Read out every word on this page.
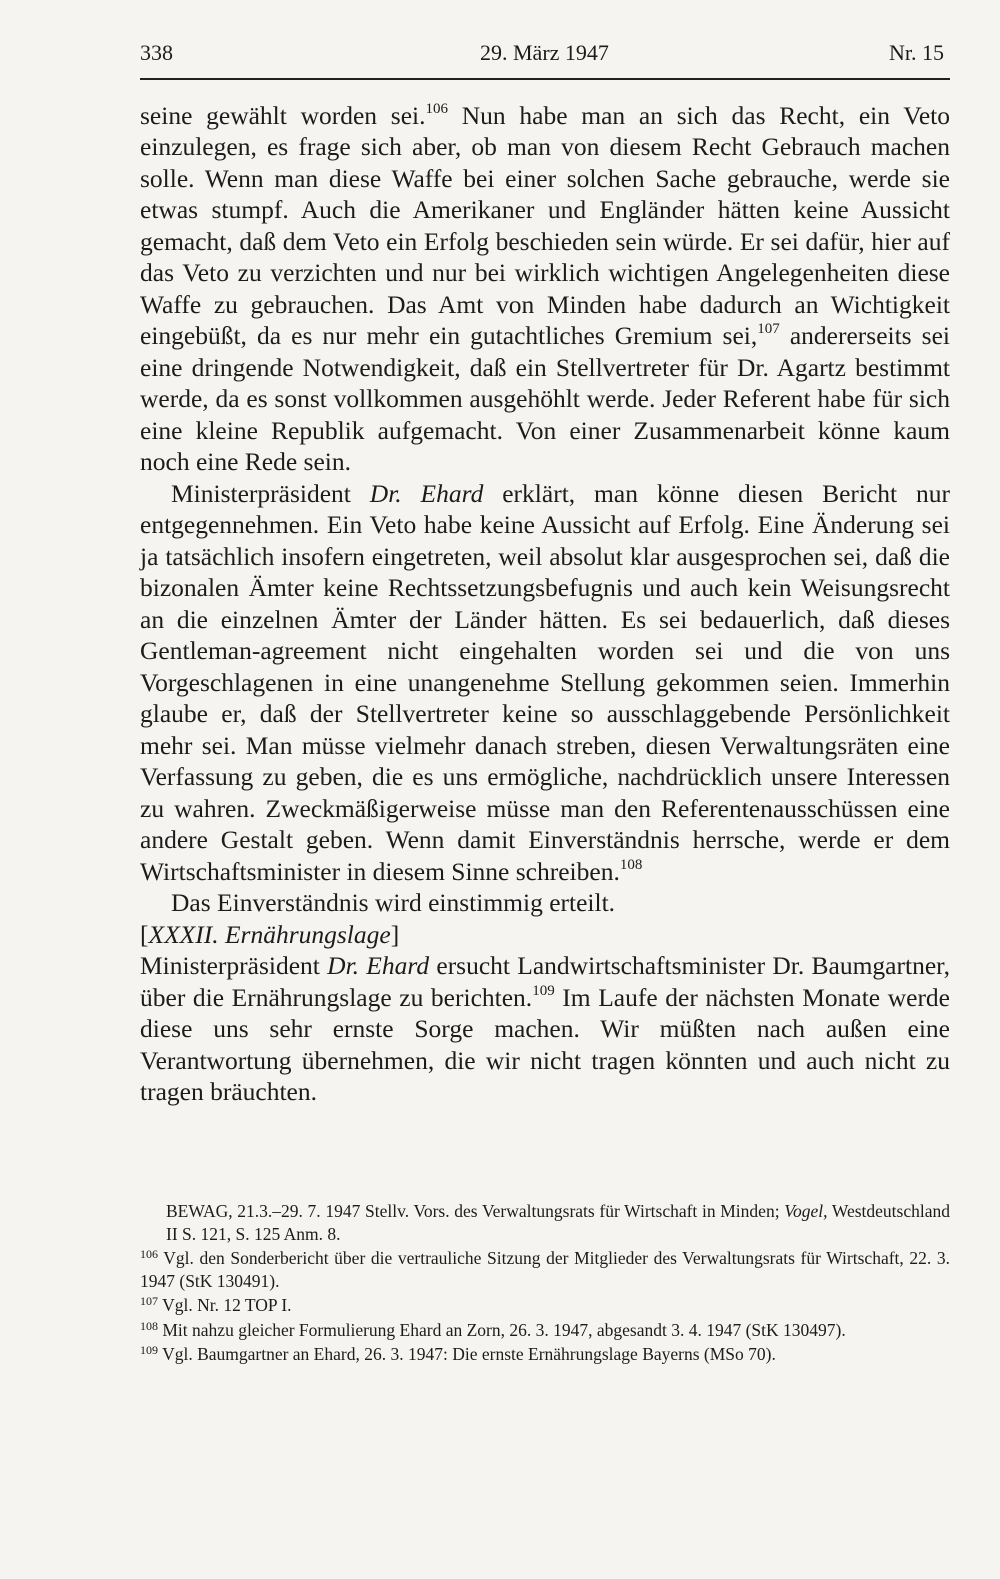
338	29. März 1947	Nr. 15

seine gewählt worden sei.$^{106}$ Nun habe man an sich das Recht, ein Veto einzulegen, es frage sich aber, ob man von diesem Recht Gebrauch machen solle. Wenn man diese Waffe bei einer solchen Sache gebrauche, werde sie etwas stumpf. Auch die Amerikaner und Engländer hätten keine Aussicht gemacht, daß dem Veto ein Erfolg beschieden sein würde. Er sei dafür, hier auf das Veto zu verzichten und nur bei wirklich wichtigen Angelegenheiten diese Waffe zu gebrauchen. Das Amt von Minden habe dadurch an Wichtigkeit eingebüßt, da es nur mehr ein gutachtliches Gremium sei,$^{107}$ andererseits sei eine dringende Notwendigkeit, daß ein Stellvertreter für Dr. Agartz bestimmt werde, da es sonst vollkommen ausgehöhlt werde. Jeder Referent habe für sich eine kleine Republik aufgemacht. Von einer Zusammenarbeit könne kaum noch eine Rede sein.

Ministerpräsident Dr. Ehard erklärt, man könne diesen Bericht nur entgegennehmen. Ein Veto habe keine Aussicht auf Erfolg. Eine Änderung sei ja tatsächlich insofern eingetreten, weil absolut klar ausgesprochen sei, daß die bizonalen Ämter keine Rechtssetzungsbefugnis und auch kein Weisungsrecht an die einzelnen Ämter der Länder hätten. Es sei bedauerlich, daß dieses Gentleman-agreement nicht eingehalten worden sei und die von uns Vorgeschlagenen in eine unangenehme Stellung gekommen seien. Immerhin glaube er, daß der Stellvertreter keine so ausschlaggebende Persönlichkeit mehr sei. Man müsse vielmehr danach streben, diesen Verwaltungsräten eine Verfassung zu geben, die es uns ermögliche, nachdrücklich unsere Interessen zu wahren. Zweckmäßigerweise müsse man den Referentenausschüssen eine andere Gestalt geben. Wenn damit Einverständnis herrsche, werde er dem Wirtschaftsminister in diesem Sinne schreiben.$^{108}$

Das Einverständnis wird einstimmig erteilt.

[XXXII. Ernährungslage]

Ministerpräsident Dr. Ehard ersucht Landwirtschaftsminister Dr. Baumgartner, über die Ernährungslage zu berichten.$^{109}$ Im Laufe der nächsten Monate werde diese uns sehr ernste Sorge machen. Wir müßten nach außen eine Verantwortung übernehmen, die wir nicht tragen könnten und auch nicht zu tragen bräuchten.

BEWAG, 21.3.–29. 7. 1947 Stellv. Vors. des Verwaltungsrats für Wirtschaft in Minden; Vogel, Westdeutschland II S. 121, S. 125 Anm. 8.

$^{106}$ Vgl. den Sonderbericht über die vertrauliche Sitzung der Mitglieder des Verwaltungsrats für Wirtschaft, 22. 3. 1947 (StK 130491).

$^{107}$ Vgl. Nr. 12 TOP I.

$^{108}$ Mit nahzu gleicher Formulierung Ehard an Zorn, 26. 3. 1947, abgesandt 3. 4. 1947 (StK 130497).

$^{109}$ Vgl. Baumgartner an Ehard, 26. 3. 1947: Die ernste Ernährungslage Bayerns (MSo 70).
